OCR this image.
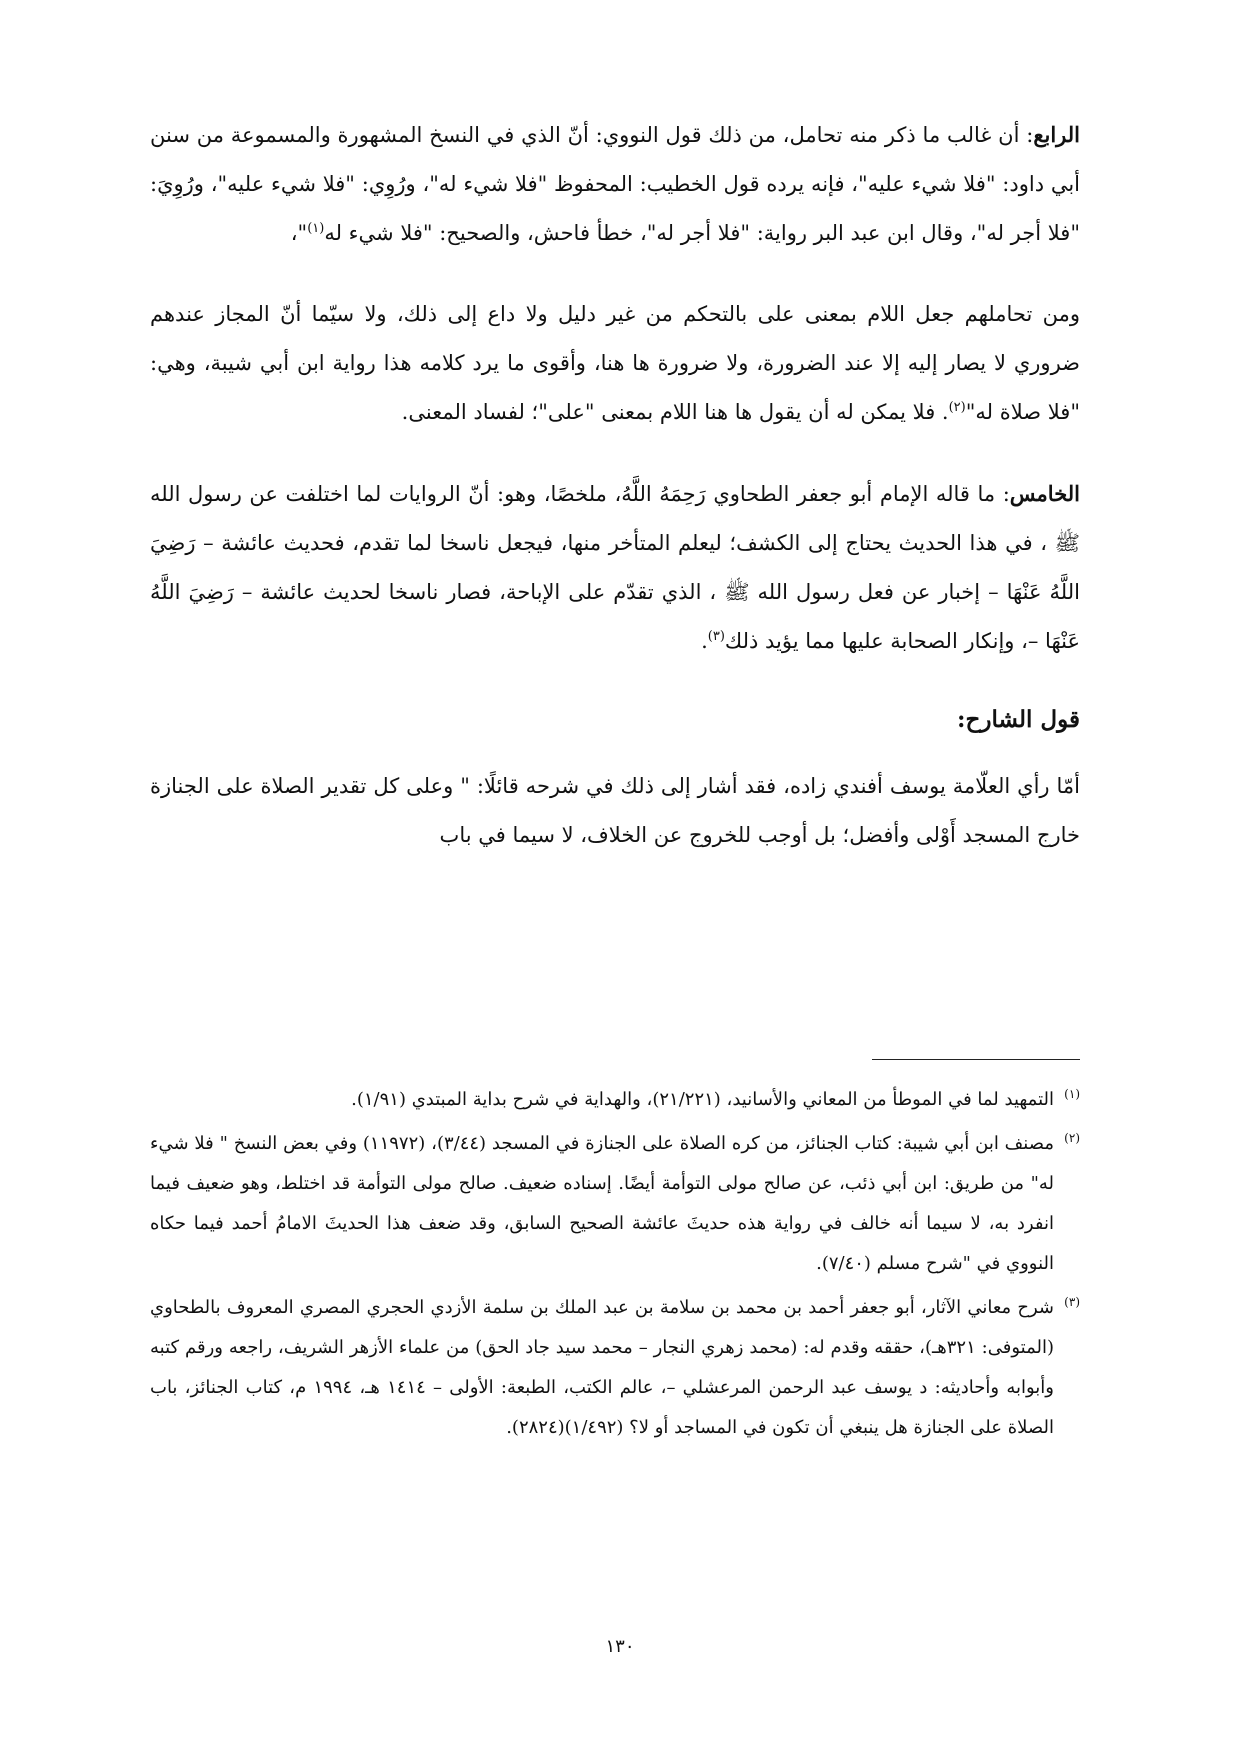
الرابع: أن غالب ما ذكر منه تحامل، من ذلك قول النووي: أنّ الذي في النسخ المشهورة والمسموعة من سنن أبي داود: "فلا شيء عليه"، فإنه يرده قول الخطيب: المحفوظ "فلا شيء له"، ورُوِي: "فلا شيء عليه"، ورُوِيَ: "فلا أجر له"، وقال ابن عبد البر رواية: "فلا أجر له"، خطأ فاحش، والصحيح: "فلا شيء له$^{(١)}$"،

ومن تحاملهم جعل اللام بمعنى على بالتحكم من غير دليل ولا داع إلى ذلك، ولا سيّما أنّ المجاز عندهم ضروري لا يصار إليه إلا عند الضرورة، ولا ضرورة ها هنا، وأقوى ما يرد كلامه هذا رواية ابن أبي شيبة، وهي: "فلا صلاة له"$^{(٢)}$. فلا يمكن له أن يقول ها هنا اللام بمعنى "على"؛ لفساد المعنى.

الخامس: ما قاله الإمام أبو جعفر الطحاوي رَحِمَهُ اللَّهُ، ملخصًا، وهو: أنّ الروايات لما اختلفت عن رسول الله ﷺ ، في هذا الحديث يحتاج إلى الكشف؛ ليعلم المتأخر منها، فيجعل ناسخا لما تقدم، فحديث عائشة – رَضِيَ اللَّهُ عَنْهَا – إخبار عن فعل رسول الله ﷺ ، الذي تقدّم على الإباحة، فصار ناسخا لحديث عائشة – رَضِيَ اللَّهُ عَنْهَا –، وإنكار الصحابة عليها مما يؤيد ذلك$^{(٣)}$.

قول الشارح:

أمّا رأي العلّامة يوسف أفندي زاده، فقد أشار إلى ذلك في شرحه قائلًا: " وعلى كل تقدير الصلاة على الجنازة خارج المسجد أَوْلى وأفضل؛ بل أوجب للخروج عن الخلاف، لا سيما في باب

(١)
التمهيد لما في الموطأ من المعاني والأسانيد، (٢١/٢٢١)، والهداية في شرح بداية المبتدي (١/٩١).

(٢)
مصنف ابن أبي شيبة: كتاب الجنائز، من كره الصلاة على الجنازة في المسجد (٣/٤٤)، (١١٩٧٢) وفي بعض النسخ " فلا شيء له" من طريق: ابن أبي ذئب، عن صالح مولى التوأمة أيضًا. إسناده ضعيف. صالح مولى التوأمة قد اختلط، وهو ضعيف فيما انفرد به، لا سيما أنه خالف في رواية هذه حديثَ عائشة الصحيح السابق، وقد ضعف هذا الحديثَ الامامُ أحمد فيما حكاه النووي في "شرح مسلم (٧/٤٠).

(٣)
شرح معاني الآثار، أبو جعفر أحمد بن محمد بن سلامة بن عبد الملك بن سلمة الأزدي الحجري المصري المعروف بالطحاوي (المتوفى: ٣٢١هـ)، حققه وقدم له: (محمد زهري النجار – محمد سيد جاد الحق) من علماء الأزهر الشريف، راجعه ورقم كتبه وأبوابه وأحاديثه: د يوسف عبد الرحمن المرعشلي –، عالم الكتب، الطبعة: الأولى – ١٤١٤ هـ، ١٩٩٤ م، كتاب الجنائز، باب الصلاة على الجنازة هل ينبغي أن تكون في المساجد أو لا؟ (١/٤٩٢)(٢٨٢٤).

١٣٠
